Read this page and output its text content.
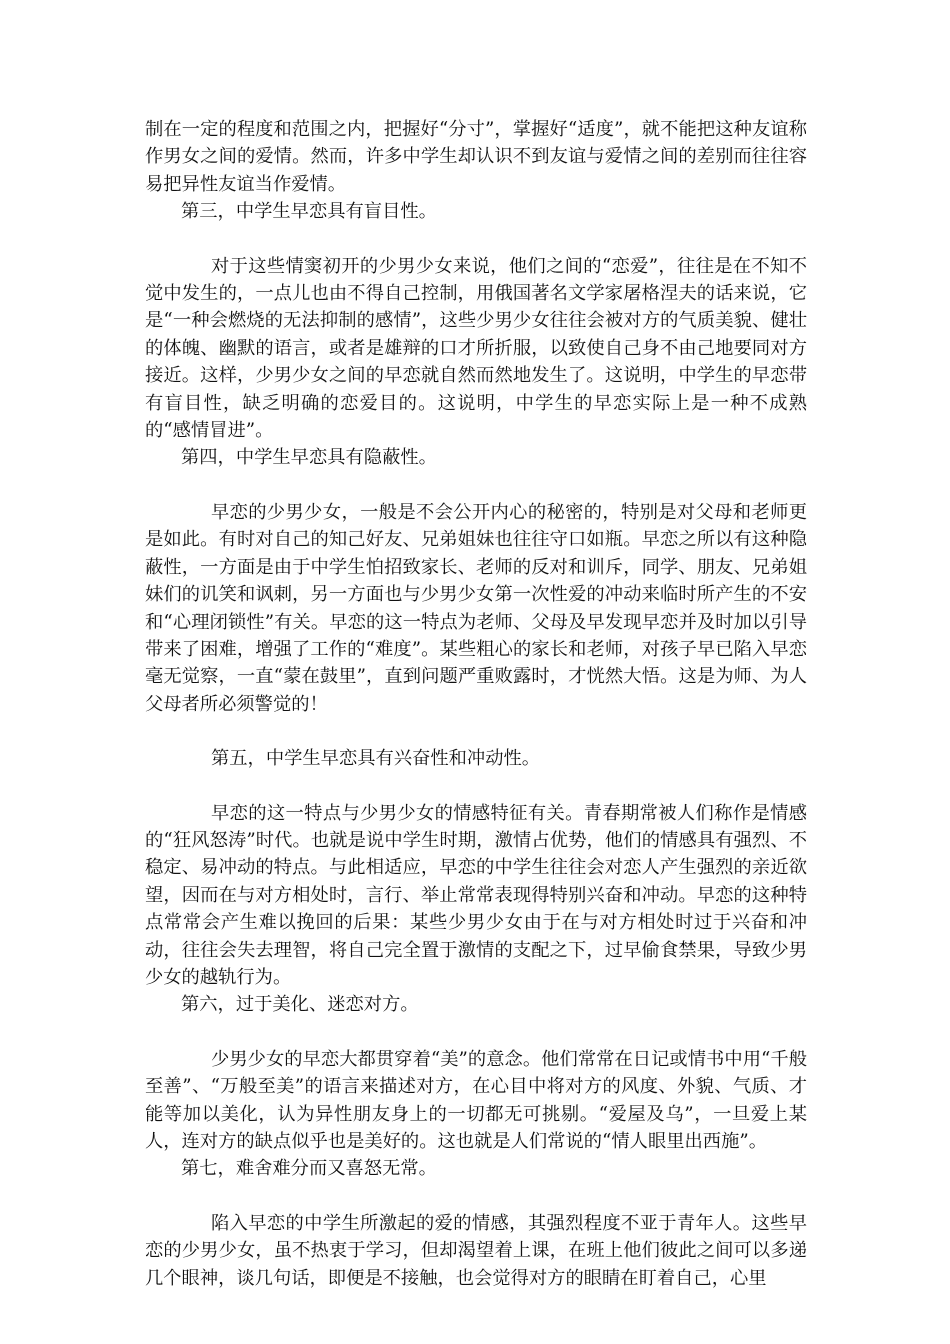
制在一定的程度和范围之内，把握好“分寸”，掌握好“适度”，就不能把这种友谊称作男女之间的爱情。然而，许多中学生却认识不到友谊与爱情之间的差别而往往容易把异性友谊当作爱情。

第三，中学生早恋具有盲目性。

对于这些情窦初开的少男少女来说，他们之间的“恋爱”，往往是在不知不觉中发生的，一点儿也由不得自己控制，用俄国著名文学家屠格涅夫的话来说，它是“一种会燃烧的无法抑制的感情”，这些少男少女往往会被对方的气质美貌、健壮的体魄、幽默的语言，或者是雄辩的口才所折服，以致使自己身不由己地要同对方接近。这样，少男少女之间的早恋就自然而然地发生了。这说明，中学生的早恋带有盲目性，缺乏明确的恋爱目的。这说明，中学生的早恋实际上是一种不成熟的“感情冒进”。

第四，中学生早恋具有隐蔽性。

早恋的少男少女，一般是不会公开内心的秘密的，特别是对父母和老师更是如此。有时对自己的知己好友、兄弟姐妹也往往守口如瓶。早恋之所以有这种隐蔽性，一方面是由于中学生怕招致家长、老师的反对和训斥，同学、朋友、兄弟姐妹们的讥笑和讽刺，另一方面也与少男少女第一次性爱的冲动来临时所产生的不安和“心理闭锁性”有关。早恋的这一特点为老师、父母及早发现早恋并及时加以引导带来了困难，增强了工作的“难度”。某些粗心的家长和老师，对孩子早已陷入早恋毫无觉察，一直“蒙在鼓里”，直到问题严重败露时，才恍然大悟。这是为师、为人父母者所必须警觉的！

第五，中学生早恋具有兴奋性和冲动性。

早恋的这一特点与少男少女的情感特征有关。青春期常被人们称作是情感的“狂风怒涛”时代。也就是说中学生时期，激情占优势，他们的情感具有强烈、不稳定、易冲动的特点。与此相适应，早恋的中学生往往会对恋人产生强烈的亲近欲望，因而在与对方相处时，言行、举止常常表现得特别兴奋和冲动。早恋的这种特点常常会产生难以挽回的后果：某些少男少女由于在与对方相处时过于兴奋和冲动，往往会失去理智，将自己完全置于激情的支配之下，过早偷食禁果，导致少男少女的越轨行为。

第六，过于美化、迷恋对方。

少男少女的早恋大都贯穿着“美”的意念。他们常常在日记或情书中用“千般至善”、“万般至美”的语言来描述对方，在心目中将对方的风度、外貌、气质、才能等加以美化，认为异性朋友身上的一切都无可挑剔。“爱屋及乌”，一旦爱上某人，连对方的缺点似乎也是美好的。这也就是人们常说的“情人眼里出西施”。

第七，难舍难分而又喜怒无常。

陷入早恋的中学生所激起的爱的情感，其强烈程度不亚于青年人。这些早恋的少男少女，虽不热衷于学习，但却渴望着上课，在班上他们彼此之间可以多递几个眼神，谈几句话，即便是不接触，也会觉得对方的眼睛在盯着自己，心里
